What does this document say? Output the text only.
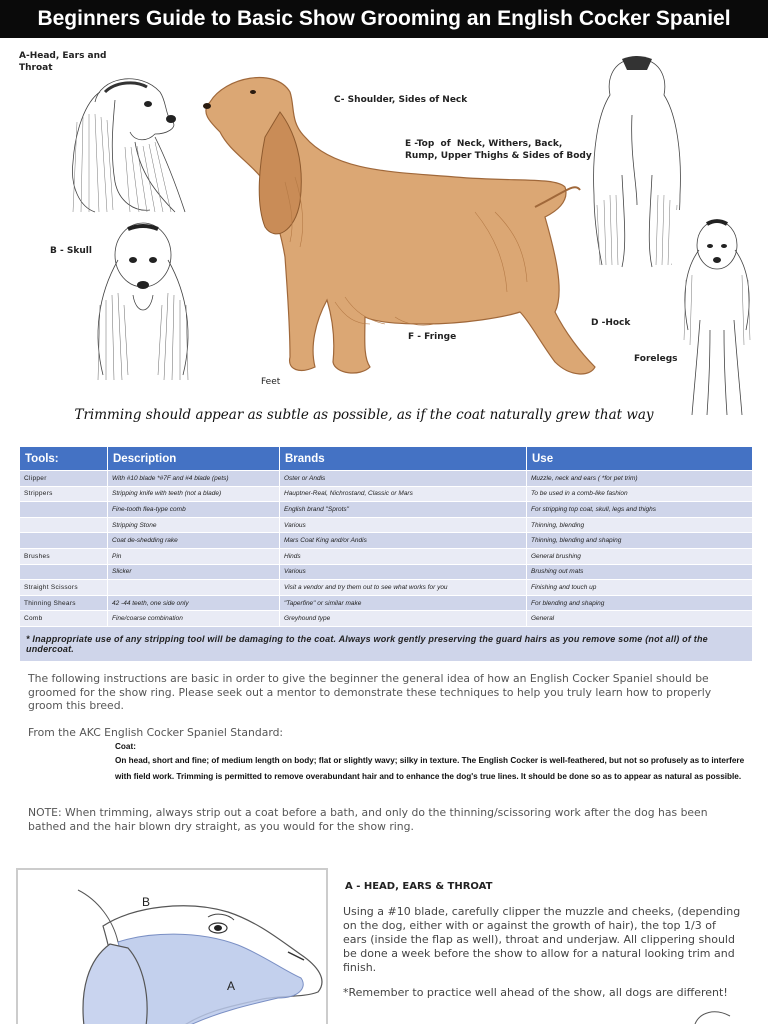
Beginners Guide to Basic Show Grooming an English Cocker Spaniel
A-Head, Ears and
Throat
C- Shoulder, Sides of Neck
E -Top  of  Neck, Withers, Back,
Rump, Upper Thighs & Sides of Body
B - Skull
D -Hock
F - Fringe
Forelegs
Feet
Trimming should appear as subtle as possible, as if the coat naturally grew that way
Tools:	Description	Brands	Use
Clipper	With #10 blade *#7F and #4 blade (pets)	Oster or Andis	Muzzle, neck and ears ( *for pet trim)
Strippers	Stripping knife with teeth (not a blade)	Hauptner-Real, Nichrostand, Classic or Mars	To be used in a comb-like fashion
	Fine-tooth flea-type comb	English brand "Sprots"	For stripping top coat, skull, legs and thighs
	Stripping Stone	Various	Thinning, blending
	Coat de-shedding rake	Mars Coat King and/or Andis	Thinning, blending and shaping
Brushes	Pin	Hinds	General brushing
	Slicker	Various	Brushing out mats
Straight Scissors		Visit a vendor and try them out to see what works for you	Finishing and touch up
Thinning Shears	42 -44 teeth, one side only	"Taperfine" or similar make	For blending and shaping
Comb	Fine/coarse combination	Greyhound type	General
* Inappropriate use of any stripping tool will be damaging to the coat. Always work gently preserving the guard hairs as you remove some (not all) of the undercoat.			
The following instructions are basic in order to give the beginner the general idea of how an English Cocker Spaniel should be groomed for the show ring. Please seek out a mentor to demonstrate these techniques to help you truly learn how to properly groom this breed.
From the AKC English Cocker Spaniel Standard:
Coat:
On head, short and fine; of medium length on body; flat or slightly wavy; silky in texture. The English Cocker is well-feathered, but not so profusely as to interfere with field work. Trimming is permitted to remove overabundant hair and to enhance the dog's true lines. It should be done so as to appear as natural as possible.
NOTE: When trimming, always strip out a coat before a bath, and only do the thinning/scissoring work after the dog has been bathed and the hair blown dry straight, as you would for the show ring.
B
A
A - HEAD, EARS & THROAT
Using a #10 blade, carefully clipper the muzzle and cheeks, (depending on the dog, either with or against the growth of hair), the top 1/3 of ears (inside the flap as well), throat and underjaw. All clippering should be done a week before the show to allow for a natural looking trim and finish.
*Remember to practice well ahead of the show, all dogs are different!
